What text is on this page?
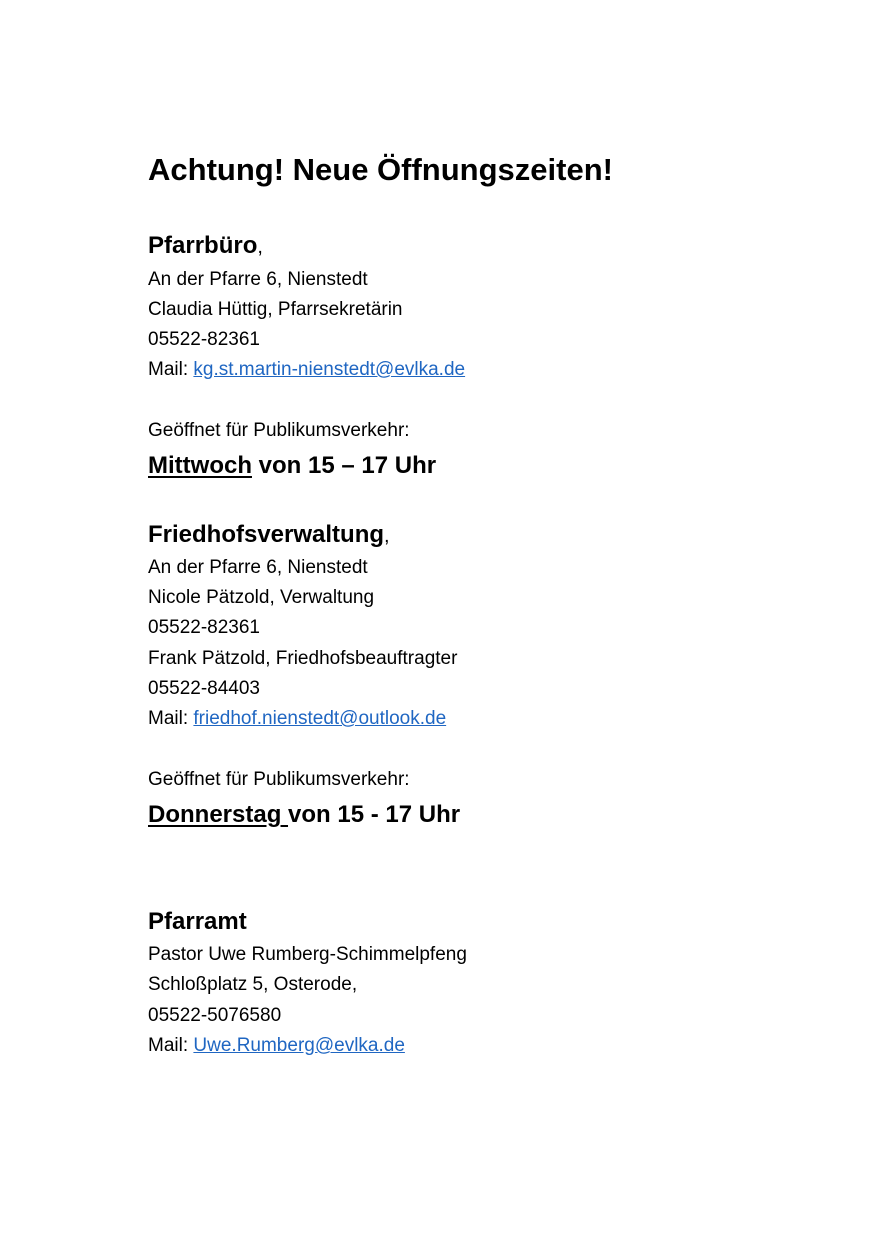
Achtung! Neue Öffnungszeiten!
Pfarrbüro,
An der Pfarre 6, Nienstedt
Claudia Hüttig, Pfarrsekretärin
05522-82361
Mail: kg.st.martin-nienstedt@evlka.de
Geöffnet für Publikumsverkehr:
Mittwoch von 15 – 17 Uhr
Friedhofsverwaltung,
An der Pfarre 6, Nienstedt
Nicole Pätzold, Verwaltung
05522-82361
Frank Pätzold, Friedhofsbeauftragter
05522-84403
Mail: friedhof.nienstedt@outlook.de
Geöffnet für Publikumsverkehr:
Donnerstag von 15 - 17 Uhr
Pfarramt
Pastor Uwe Rumberg-Schimmelpfeng
Schloßplatz 5, Osterode,
05522-5076580
Mail: Uwe.Rumberg@evlka.de
